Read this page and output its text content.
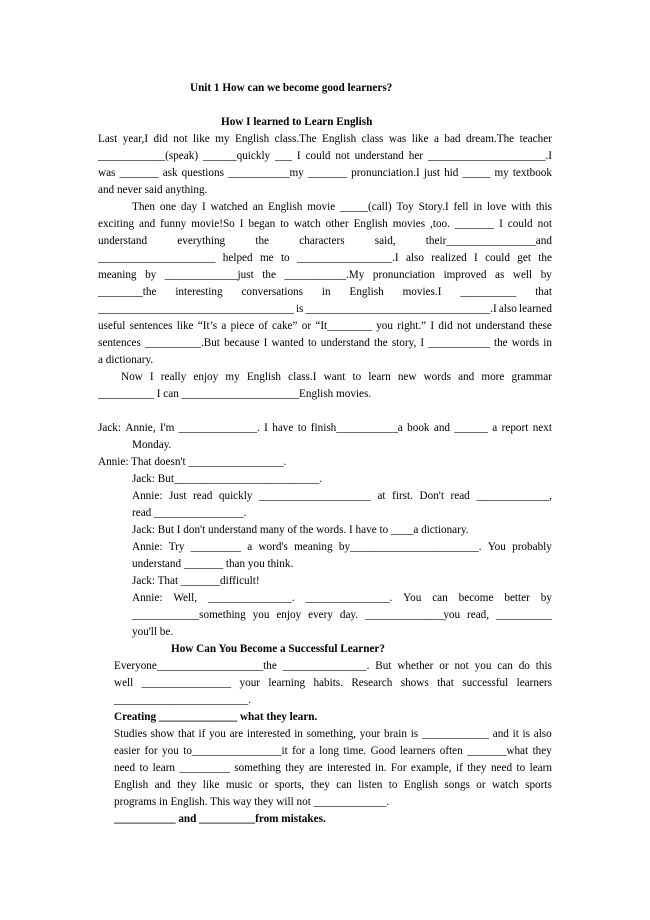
Unit 1 How can we become good learners?
How I learned to Learn English
Last year,I did not like my English class.The English class was like a bad dream.The teacher
____________(speak) ______quickly ___ I could not understand her _____________________.I
was _______ ask questions ___________my _______ pronunciation.I just hid _____ my textbook
and never said anything.
Then one day I watched an English movie _____(call) Toy Story.I fell in love with this
exciting and funny movie!So I began to watch other English movies ,too. _______ I could not
understand	everything	the	characters	said,	their________________and
_____________________ helped me to _________________.I also realized I could get the
meaning by _____________just the ___________.My pronunciation improved as well by
________the interesting conversations in English movies.I __________ that
___________________________________ is _________________________________.I also learned
useful sentences like “It’s a piece of cake” or “It________ you right.” I did not understand these
sentences __________.But because I wanted to understand the story, I ___________ the words in
a dictionary.
Now I really enjoy my English class.I want to learn new words and more grammar
__________ I can _____________________English movies.
Jack: Annie, I'm ______________. I have to finish___________a book and ______ a report next
Monday.
Annie: That doesn't _________________.
Jack: But__________________________.
Annie: Just read quickly ____________________ at first. Don't read _____________,
read ________________.
Jack: But I don't understand many of the words. I have to ____a dictionary.
Annie: Try _________ a word's meaning by_______________________. You probably
understand _______ than you think.
Jack: That _______difficult!
Annie: Well, _______________. _______________. You can become better by
____________something you enjoy every day. ______________you read, __________
you'll be.
How Can You Become a Successful Learner?
Everyone___________________the _______________. But whether or not you can do this
well ________________ your learning habits. Research shows that successful learners
________________________.
Creating ______________ what they learn.
Studies show that if you are interested in something, your brain is ____________ and it is also
easier for you to________________it for a long time. Good learners often _______what they
need to learn _________ something they are interested in. For example, if they need to learn
English and they like music or sports, they can listen to English songs or watch sports
programs in English. This way they will not _____________.
___________ and __________from mistakes.
